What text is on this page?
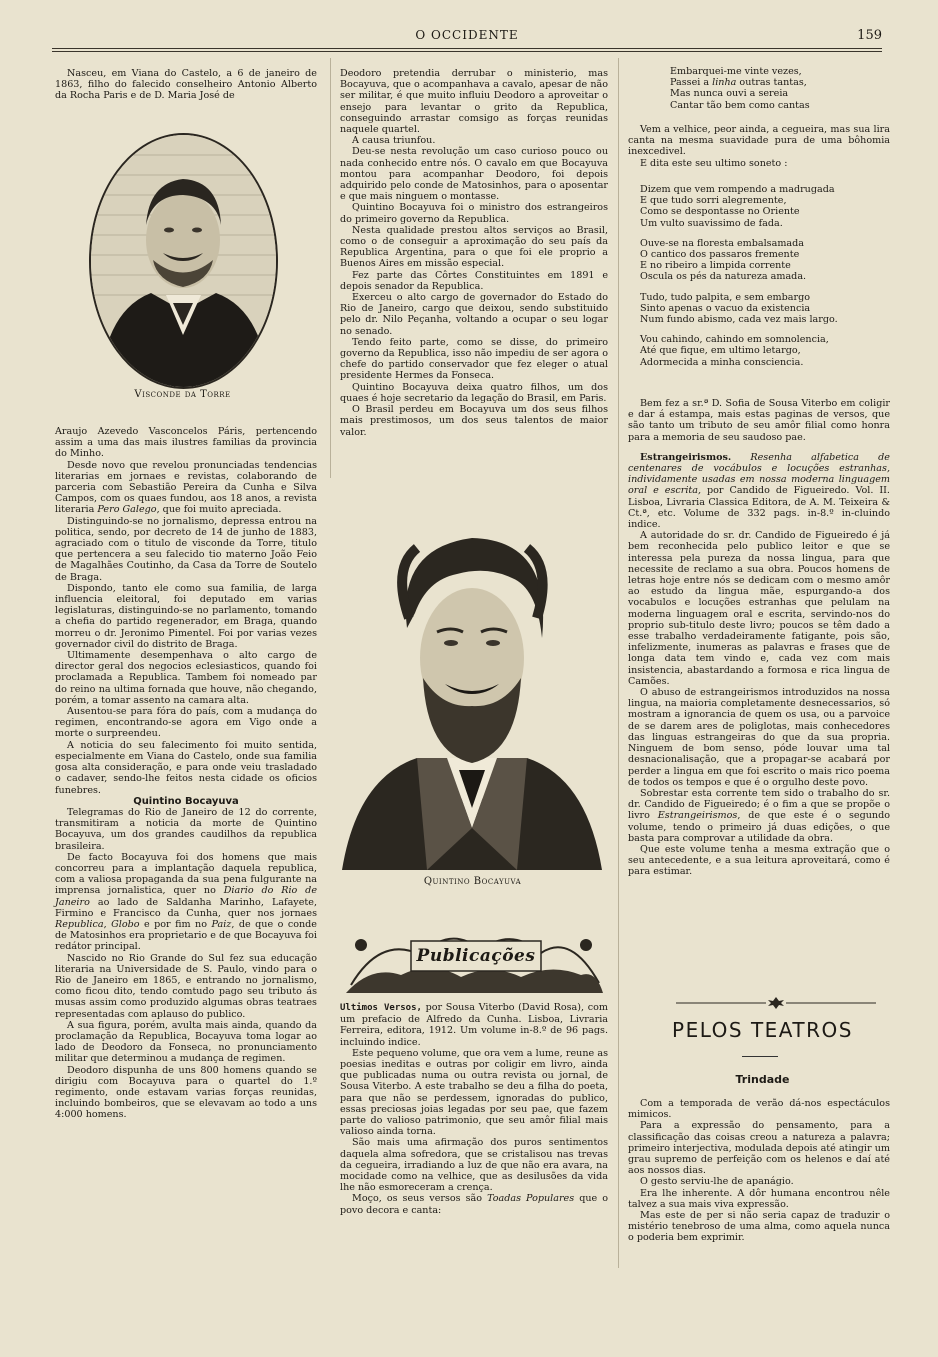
O OCCIDENTE	159

Nasceu, em Viana do Castelo, a 6 de janeiro de 1863, filho do falecido conselheiro Antonio Alberto da Rocha Paris e de D. Maria José de

Visconde da Torre

Araujo Azevedo Vasconcelos Páris, pertencendo assim a uma das mais ilustres familias da provincia do Minho.

Desde novo que revelou pronunciadas tendencias literarias em jornaes e revistas, colaborando de parceria com Sebastião Pereira da Cunha e Silva Campos, com os quaes fundou, aos 18 anos, a revista literaria Pero Galego, que foi muito apreciada.

Distinguindo-se no jornalismo, depressa entrou na politica, sendo, por decreto de 14 de junho de 1883, agraciado com o titulo de visconde da Torre, titulo que pertencera a seu falecido tio materno João Feio de Magalhães Coutinho, da Casa da Torre de Soutelo de Braga.

Dispondo, tanto ele como sua familia, de larga influencia eleitoral, foi deputado em varias legislaturas, distinguindo-se no parlamento, tomando a chefia do partido regenerador, em Braga, quando morreu o dr. Jeronimo Pimentel. Foi por varias vezes governador civil do distrito de Braga.

Ultimamente desempenhava o alto cargo de director geral dos negocios eclesiasticos, quando foi proclamada a Republica. Tambem foi nomeado par do reino na ultima fornada que houve, não chegando, porém, a tomar assento na camara alta.

Ausentou-se para fóra do país, com a mudança do regimen, encontrando-se agora em Vigo onde a morte o surpreendeu.

A noticia do seu falecimento foi muito sentida, especialmente em Viana do Castelo, onde sua familia gosa alta consideração, e para onde veiu trasladado o cadaver, sendo-lhe feitos nesta cidade os oficios funebres.

Quintino Bocayuva

Telegramas do Rio de Janeiro de 12 do corrente, transmitiram a noticia da morte de Quintino Bocayuva, um dos grandes caudilhos da republica brasileira.

De facto Bocayuva foi dos homens que mais concorreu para a implantação daquela republica, com a valiosa propaganda da sua pena fulgurante na imprensa jornalistica, quer no Diario do Rio de Janeiro ao lado de Saldanha Marinho, Lafayete, Firmino e Francisco da Cunha, quer nos jornaes Republica, Globo e por fim no Paiz, de que o conde de Matosinhos era proprietario e de que Bocayuva foi redátor principal.

Nascido no Rio Grande do Sul fez sua educação literaria na Universidade de S. Paulo, vindo para o Rio de Janeiro em 1865, e entrando no jornalismo, como ficou dito, tendo comtudo pago seu tributo ás musas assim como produzido algumas obras teatraes representadas com aplauso do publico.

A sua figura, porém, avulta mais ainda, quando da proclamação da Republica, Bocayuva toma logar ao lado de Deodoro da Fonseca, no pronunciamento militar que determinou a mudança de regimen.

Deodoro dispunha de uns 800 homens quando se dirigiu com Bocayuva para o quartel do 1.º regimento, onde estavam varias forças reunidas, incluindo bombeiros, que se elevavam ao todo a uns 4:000 homens.

Deodoro pretendia derrubar o ministerio, mas Bocayuva, que o acompanhava a cavalo, apesar de não ser militar, é que muito influiu Deodoro a aproveitar o ensejo para levantar o grito da Republica, conseguindo arrastar comsigo as forças reunidas naquele quartel.

A causa triunfou.

Deu-se nesta revolução um caso curioso pouco ou nada conhecido entre nós. O cavalo em que Bocayuva montou para acompanhar Deodoro, foi depois adquirido pelo conde de Matosinhos, para o aposentar e que mais ninguem o montasse.

Quintino Bocayuva foi o ministro dos estrangeiros do primeiro governo da Republica.

Nesta qualidade prestou altos serviços ao Brasil, como o de conseguir a aproximação do seu país da Republica Argentina, para o que foi ele proprio a Buenos Aires em missão especial.

Fez parte das Côrtes Constituintes em 1891 e depois senador da Republica.

Exerceu o alto cargo de governador do Estado do Rio de Janeiro, cargo que deixou, sendo substituido pelo dr. Nilo Peçanha, voltando a ocupar o seu logar no senado.

Tendo feito parte, como se disse, do primeiro governo da Republica, isso não impediu de ser agora o chefe do partido conservador que fez eleger o atual presidente Hermes da Fonseca.

Quintino Bocayuva deixa quatro filhos, um dos quaes é hoje secretario da legação do Brasil, em Paris.

O Brasil perdeu em Bocayuva um dos seus filhos mais prestimosos, um dos seus talentos de maior valor.

Quintino Bocayuva
Publicações

Ultimos Versos, por Sousa Viterbo (David Rosa), com um prefacio de Alfredo da Cunha. Lisboa, Livraria Ferreira, editora, 1912. Um volume in-8.º de 96 pags. incluindo indice.

Este pequeno volume, que ora vem a lume, reune as poesias ineditas e outras por coligir em livro, ainda que publicadas numa ou outra revista ou jornal, de Sousa Viterbo. A este trabalho se deu a filha do poeta, para que não se perdessem, ignoradas do publico, essas preciosas joias legadas por seu pae, que fazem parte do valioso patrimonio, que seu amôr filial mais valioso ainda torna.

São mais uma afirmação dos puros sentimentos daquela alma sofredora, que se cristalisou nas trevas da cegueira, irradiando a luz de que não era avara, na mocidade como na velhice, que as desilusões da vida lhe não esmoreceram a crença.

Moço, os seus versos são Toadas Populares que o povo decora e canta:

Embarquei-me vinte vezes,

Passei a linha outras tantas,

Mas nunca ouvi a sereia

Cantar tão bem como cantas

Vem a velhice, peor ainda, a cegueira, mas sua lira canta na mesma suavidade pura de uma bôhomia inexcedivel.

E dita este seu ultimo soneto :

Dizem que vem rompendo a madrugada

E que tudo sorri alegremente,

Como se despontasse no Oriente

Um vulto suavissimo de fada.

Ouve-se na floresta embalsamada

O cantico dos passaros fremente

E no ribeiro a limpida corrente

Oscula os pés da natureza amada.

Tudo, tudo palpita, e sem embargo

Sinto apenas o vacuo da existencia

Num fundo abismo, cada vez mais largo.

Vou cahindo, cahindo em somnolencia,

Até que fique, em ultimo letargo,

Adormecida a minha consciencia.

Bem fez a sr.ª D. Sofia de Sousa Viterbo em coligir e dar á estampa, mais estas paginas de versos, que são tanto um tributo de seu amôr filial como honra para a memoria de seu saudoso pae.

Estrangeirismos. Resenha alfabetica de centenares de vocábulos e locuções estranhas, individamente usadas em nossa moderna linguagem oral e escrita, por Candido de Figueiredo. Vol. II. Lisboa, Livraria Classica Editora, de A. M. Teixeira & Ct.ª, etc. Volume de 332 pags. in-8.º in-cluindo indice.

A autoridade do sr. dr. Candido de Figueiredo é já bem reconhecida pelo publico leitor e que se interessa pela pureza da nossa lingua, para que necessite de reclamo a sua obra. Poucos homens de letras hoje entre nós se dedicam com o mesmo amôr ao estudo da lingua mãe, espurgando-a dos vocabulos e locuções estranhas que pelulam na moderna linguagem oral e escrita, servindo-nos do proprio sub-titulo deste livro; poucos se têm dado a esse trabalho verdadeiramente fatigante, pois são, infelizmente, inumeras as palavras e frases que de longa data tem vindo e, cada vez com mais insistencia, abastardando a formosa e rica lingua de Camões.

O abuso de estrangeirismos introduzidos na nossa lingua, na maioria completamente desnecessarios, só mostram a ignorancia de quem os usa, ou a parvoice de se darem ares de poliglotas, mais conhecedores das linguas estrangeiras do que da sua propria. Ninguem de bom senso, póde louvar uma tal desnacionalisação, que a propagar-se acabará por perder a lingua em que foi escrito o mais rico poema de todos os tempos e que é o orgulho deste povo.

Sobrestar esta corrente tem sido o trabalho do sr. dr. Candido de Figueiredo; é o fim a que se propõe o livro Estrangeirismos, de que este é o segundo volume, tendo o primeiro já duas edições, o que basta para comprovar a utilidade da obra.

Que este volume tenha a mesma extração que o seu antecedente, e a sua leitura aproveitará, como é para estimar.

PELOS TEATROS
Trindade

Com a temporada de verão dá-nos espectáculos mimicos.

Para a expressão do pensamento, para a classificação das coisas creou a natureza a palavra; primeiro interjectiva, modulada depois até atingir um grau supremo de perfeição com os helenos e daí até aos nossos dias.

O gesto serviu-lhe de apanágio.

Era lhe inherente. A dôr humana encontrou nêle talvez a sua mais viva expressão.

Mas este de per si não seria capaz de traduzir o mistério tenebroso de uma alma, como aquela nunca o poderia bem exprimir.
